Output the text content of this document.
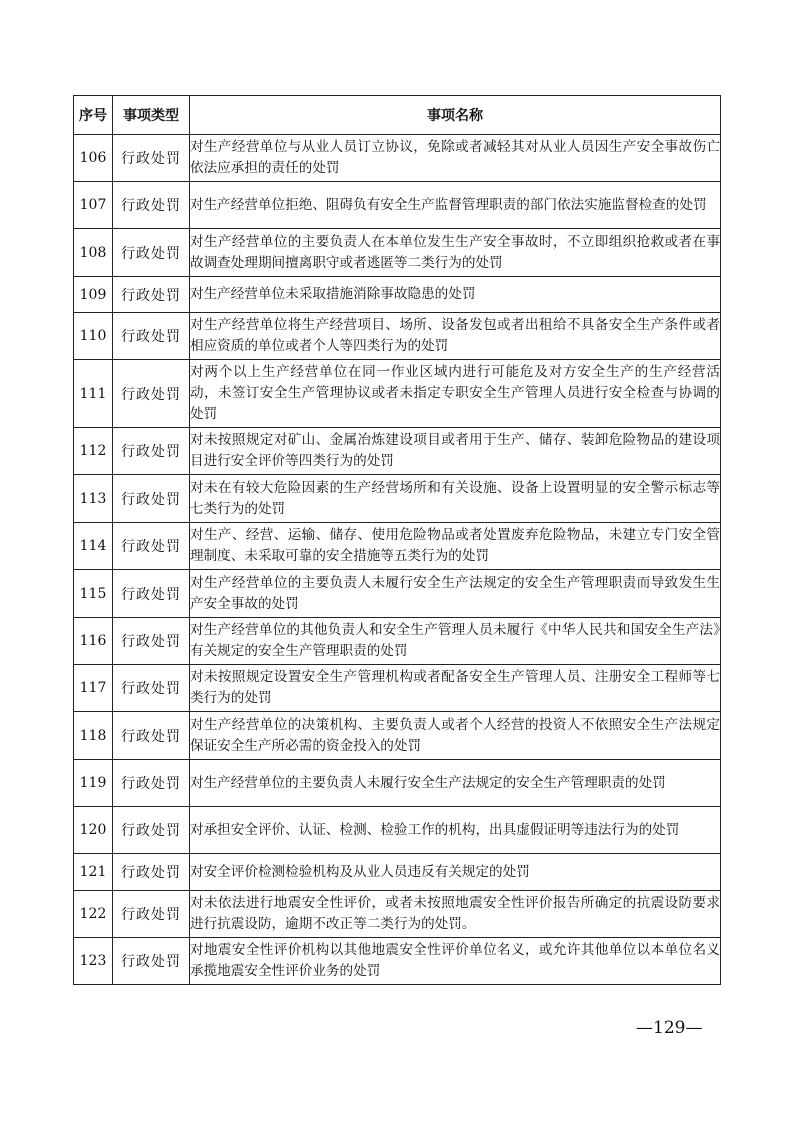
序号	事项类型	事项名称
106	行政处罚	对生产经营单位与从业人员订立协议，免除或者减轻其对从业人员因生产安全事故伤亡依法应承担的责任的处罚
107	行政处罚	对生产经营单位拒绝、阻碍负有安全生产监督管理职责的部门依法实施监督检查的处罚
108	行政处罚	对生产经营单位的主要负责人在本单位发生生产安全事故时，不立即组织抢救或者在事故调查处理期间擅离职守或者逃匿等二类行为的处罚
109	行政处罚	对生产经营单位未采取措施消除事故隐患的处罚
110	行政处罚	对生产经营单位将生产经营项目、场所、设备发包或者出租给不具备安全生产条件或者相应资质的单位或者个人等四类行为的处罚
111	行政处罚	对两个以上生产经营单位在同一作业区域内进行可能危及对方安全生产的生产经营活动，未签订安全生产管理协议或者未指定专职安全生产管理人员进行安全检查与协调的处罚
112	行政处罚	对未按照规定对矿山、金属冶炼建设项目或者用于生产、储存、装卸危险物品的建设项目进行安全评价等四类行为的处罚
113	行政处罚	对未在有较大危险因素的生产经营场所和有关设施、设备上设置明显的安全警示标志等七类行为的处罚
114	行政处罚	对生产、经营、运输、储存、使用危险物品或者处置废弃危险物品，未建立专门安全管理制度、未采取可靠的安全措施等五类行为的处罚
115	行政处罚	对生产经营单位的主要负责人未履行安全生产法规定的安全生产管理职责而导致发生生产安全事故的处罚
116	行政处罚	对生产经营单位的其他负责人和安全生产管理人员未履行《中华人民共和国安全生产法》有关规定的安全生产管理职责的处罚
117	行政处罚	对未按照规定设置安全生产管理机构或者配备安全生产管理人员、注册安全工程师等七类行为的处罚
118	行政处罚	对生产经营单位的决策机构、主要负责人或者个人经营的投资人不依照安全生产法规定保证安全生产所必需的资金投入的处罚
119	行政处罚	对生产经营单位的主要负责人未履行安全生产法规定的安全生产管理职责的处罚
120	行政处罚	对承担安全评价、认证、检测、检验工作的机构，出具虚假证明等违法行为的处罚
121	行政处罚	对安全评价检测检验机构及从业人员违反有关规定的处罚
122	行政处罚	对未依法进行地震安全性评价，或者未按照地震安全性评价报告所确定的抗震设防要求进行抗震设防，逾期不改正等二类行为的处罚。
123	行政处罚	对地震安全性评价机构以其他地震安全性评价单位名义，或允许其他单位以本单位名义承揽地震安全性评价业务的处罚
—129—
